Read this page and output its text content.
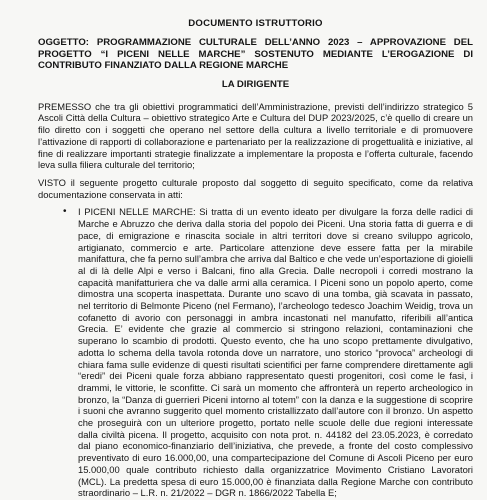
DOCUMENTO ISTRUTTORIO
OGGETTO: PROGRAMMAZIONE CULTURALE DELL’ANNO 2023 – APPROVAZIONE DEL PROGETTO “I PICENI NELLE MARCHE” SOSTENUTO MEDIANTE L’EROGAZIONE DI CONTRIBUTO FINANZIATO DALLA REGIONE MARCHE
LA DIRIGENTE

PREMESSO che tra gli obiettivi programmatici dell’Amministrazione, previsti dell’indirizzo strategico 5 Ascoli Città della Cultura – obiettivo strategico Arte e Cultura del DUP 2023/2025, c’è quello di creare un filo diretto con i soggetti che operano nel settore della cultura a livello territoriale e di promuovere l’attivazione di rapporti di collaborazione e partenariato per la realizzazione di progettualità e iniziative, al fine di realizzare importanti strategie finalizzate a implementare la proposta e l’offerta culturale, facendo leva sulla filiera culturale del territorio;

VISTO il seguente progetto culturale proposto dal soggetto di seguito specificato, come da relativa documentazione conservata in atti:

• I PICENI NELLE MARCHE: Si tratta di un evento ideato per divulgare la forza delle radici di Marche e Abruzzo che deriva dalla storia del popolo dei Piceni. Una storia fatta di guerra e di pace, di emigrazione e rinascita sociale in altri territori dove si creano sviluppo agricolo, artigianato, commercio e arte. Particolare attenzione deve essere fatta per la mirabile manifattura, che fa perno sull’ambra che arriva dal Baltico e che vede un’esportazione di gioielli al di là delle Alpi e verso i Balcani, fino alla Grecia. Dalle necropoli i corredi mostrano la capacità manifatturiera che va dalle armi alla ceramica. I Piceni sono un popolo aperto, come dimostra una scoperta inaspettata. Durante uno scavo di una tomba, già scavata in passato, nel territorio di Belmonte Piceno (nel Fermano), l’archeologo tedesco Joachim Weidig, trova un cofanetto di avorio con personaggi in ambra incastonati nel manufatto, riferibili all’antica Grecia. E’ evidente che grazie al commercio si stringono relazioni, contaminazioni che superano lo scambio di prodotti. Questo evento, che ha uno scopo prettamente divulgativo, adotta lo schema della tavola rotonda dove un narratore, uno storico “provoca” archeologi di chiara fama sulle evidenze di questi risultati scientifici per farne comprendere direttamente agli “eredi” dei Piceni quale forza abbiano rappresentato questi progenitori, così come le fasi, i drammi, le vittorie, le sconfitte. Ci sarà un momento che affronterà un reperto archeologico in bronzo, la “Danza di guerrieri Piceni intorno al totem” con la danza e la suggestione di scoprire i suoni che avranno suggerito quel momento cristallizzato dall’autore con il bronzo. Un aspetto che proseguirà con un ulteriore progetto, portato nelle scuole delle due regioni interessate dalla civiltà picena. Il progetto, acquisito con nota prot. n. 44182 del 23.05.2023, è corredato dal piano economico-finanziario dell’iniziativa, che prevede, a fronte del costo complessivo preventivato di euro 16.000,00, una compartecipazione del Comune di Ascoli Piceno per euro 15.000,00 quale contributo richiesto dalla organizzatrice Movimento Cristiano Lavoratori (MCL). La predetta spesa di euro 15.000,00 è finanziata dalla Regione Marche con contributo straordinario – L.R. n. 21/2022 – DGR n. 1866/2022 Tabella E;
